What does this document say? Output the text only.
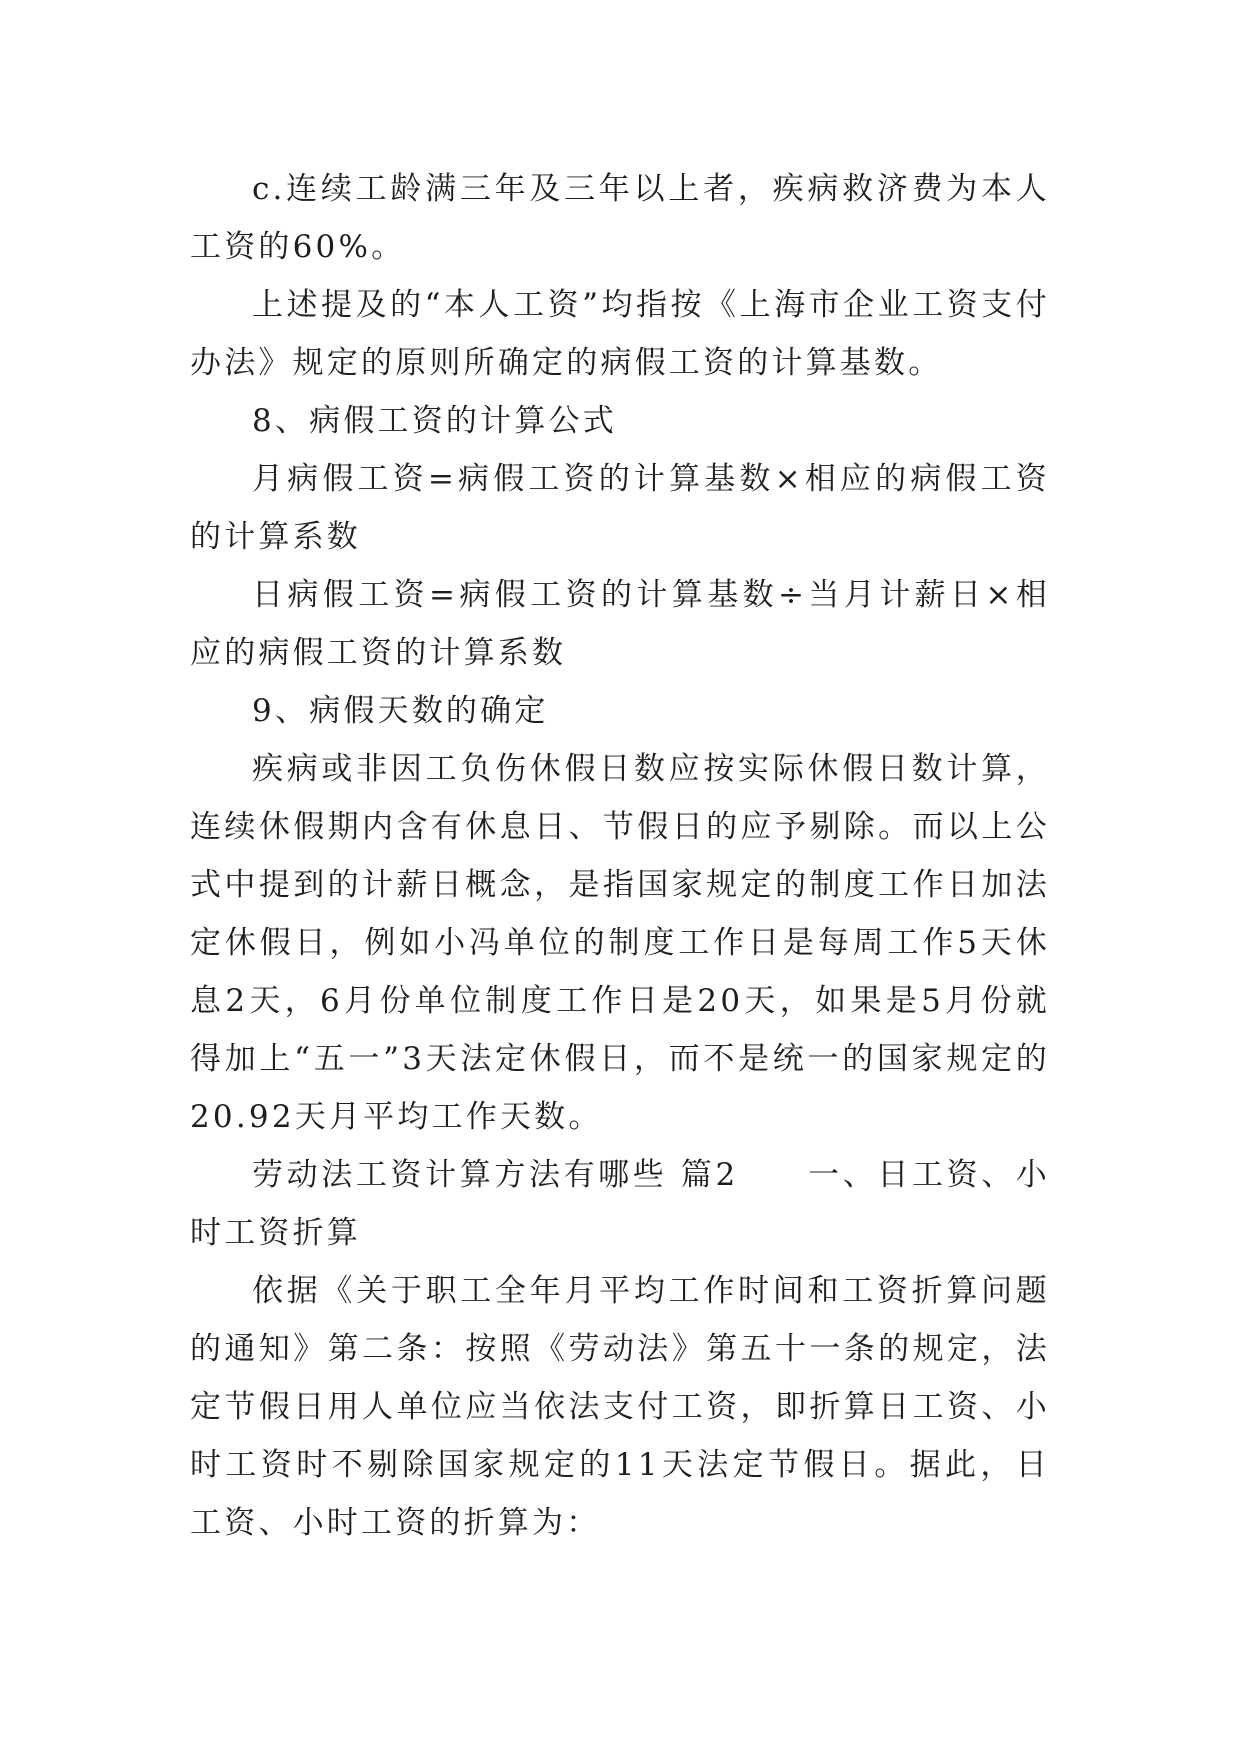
c.连续工龄满三年及三年以上者，疾病救济费为本人工资的60%。

上述提及的“本人工资”均指按《上海市企业工资支付办法》规定的原则所确定的病假工资的计算基数。

8、病假工资的计算公式

月病假工资=病假工资的计算基数×相应的病假工资的计算系数

日病假工资=病假工资的计算基数÷当月计薪日×相应的病假工资的计算系数

9、病假天数的确定

疾病或非因工负伤休假日数应按实际休假日数计算，连续休假期内含有休息日、节假日的应予剔除。而以上公式中提到的计薪日概念，是指国家规定的制度工作日加法定休假日，例如小冯单位的制度工作日是每周工作5天休息2天，6月份单位制度工作日是20天，如果是5月份就得加上“五一”3天法定休假日，而不是统一的国家规定的20.92天月平均工作天数。

劳动法工资计算方法有哪些 篇2　　一、日工资、小时工资折算

依据《关于职工全年月平均工作时间和工资折算问题的通知》第二条：按照《劳动法》第五十一条的规定，法定节假日用人单位应当依法支付工资，即折算日工资、小时工资时不剔除国家规定的11天法定节假日。据此，日工资、小时工资的折算为：
